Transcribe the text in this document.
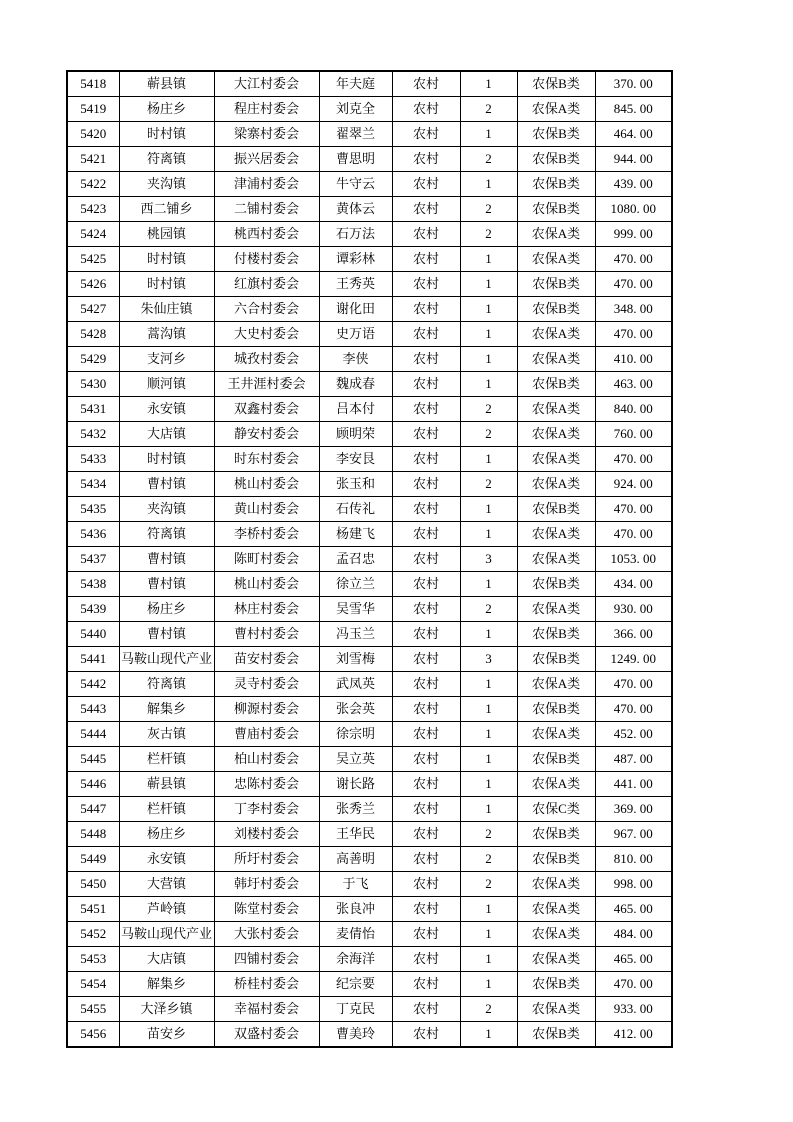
5418	蕲县镇	大江村委会	年夫庭	农村	1	农保B类	370. 00
5419	杨庄乡	程庄村委会	刘克全	农村	2	农保A类	845. 00
5420	时村镇	梁寨村委会	翟翠兰	农村	1	农保B类	464. 00
5421	符离镇	振兴居委会	曹思明	农村	2	农保B类	944. 00
5422	夹沟镇	津浦村委会	牛守云	农村	1	农保B类	439. 00
5423	西二铺乡	二铺村委会	黄体云	农村	2	农保B类	1080. 00
5424	桃园镇	桃西村委会	石万法	农村	2	农保A类	999. 00
5425	时村镇	付楼村委会	谭彩林	农村	1	农保A类	470. 00
5426	时村镇	红旗村委会	王秀英	农村	1	农保B类	470. 00
5427	朱仙庄镇	六合村委会	谢化田	农村	1	农保B类	348. 00
5428	蒿沟镇	大史村委会	史万语	农村	1	农保A类	470. 00
5429	支河乡	城孜村委会	李侠	农村	1	农保A类	410. 00
5430	顺河镇	王井涯村委会	魏成春	农村	1	农保B类	463. 00
5431	永安镇	双鑫村委会	吕本付	农村	2	农保A类	840. 00
5432	大店镇	静安村委会	顾明荣	农村	2	农保A类	760. 00
5433	时村镇	时东村委会	李安艮	农村	1	农保A类	470. 00
5434	曹村镇	桃山村委会	张玉和	农村	2	农保A类	924. 00
5435	夹沟镇	黄山村委会	石传礼	农村	1	农保B类	470. 00
5436	符离镇	李桥村委会	杨建飞	农村	1	农保A类	470. 00
5437	曹村镇	陈町村委会	孟召忠	农村	3	农保A类	1053. 00
5438	曹村镇	桃山村委会	徐立兰	农村	1	农保B类	434. 00
5439	杨庄乡	林庄村委会	吴雪华	农村	2	农保A类	930. 00
5440	曹村镇	曹村村委会	冯玉兰	农村	1	农保B类	366. 00
5441	马鞍山现代产业	苗安村委会	刘雪梅	农村	3	农保B类	1249. 00
5442	符离镇	灵寺村委会	武凤英	农村	1	农保A类	470. 00
5443	解集乡	柳源村委会	张会英	农村	1	农保B类	470. 00
5444	灰古镇	曹庙村委会	徐宗明	农村	1	农保A类	452. 00
5445	栏杆镇	柏山村委会	吴立英	农村	1	农保B类	487. 00
5446	蕲县镇	忠陈村委会	谢长路	农村	1	农保A类	441. 00
5447	栏杆镇	丁李村委会	张秀兰	农村	1	农保C类	369. 00
5448	杨庄乡	刘楼村委会	王华民	农村	2	农保B类	967. 00
5449	永安镇	所圩村委会	高善明	农村	2	农保B类	810. 00
5450	大营镇	韩圩村委会	于飞	农村	2	农保A类	998. 00
5451	芦岭镇	陈堂村委会	张良冲	农村	1	农保A类	465. 00
5452	马鞍山现代产业	大张村委会	麦倩怡	农村	1	农保A类	484. 00
5453	大店镇	四铺村委会	余海洋	农村	1	农保A类	465. 00
5454	解集乡	桥桂村委会	纪宗要	农村	1	农保B类	470. 00
5455	大泽乡镇	幸福村委会	丁克民	农村	2	农保A类	933. 00
5456	苗安乡	双盛村委会	曹美玲	农村	1	农保B类	412. 00
